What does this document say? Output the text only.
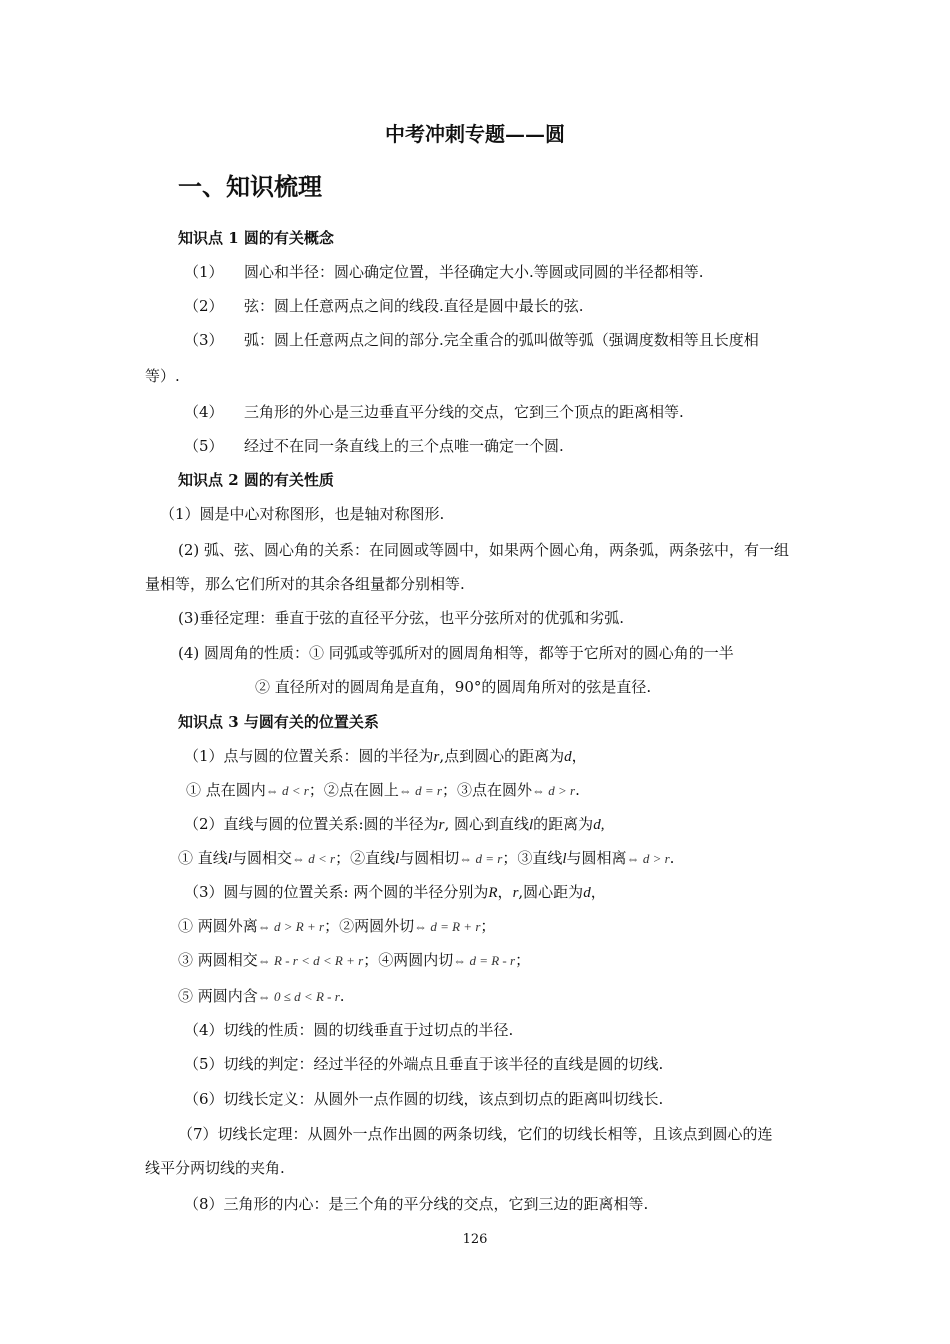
中考冲刺专题——圆
一、知识梳理
知识点 1 圆的有关概念
（1） 圆心和半径：圆心确定位置，半径确定大小.等圆或同圆的半径都相等.
（2） 弦：圆上任意两点之间的线段.直径是圆中最长的弦.
（3） 弧：圆上任意两点之间的部分.完全重合的弧叫做等弧（强调度数相等且长度相
等）.
（4） 三角形的外心是三边垂直平分线的交点，它到三个顶点的距离相等.
（5） 经过不在同一条直线上的三个点唯一确定一个圆.
知识点 2 圆的有关性质
（1）圆是中心对称图形，也是轴对称图形.
(2) 弧、弦、圆心角的关系：在同圆或等圆中，如果两个圆心角，两条弧，两条弦中，有一组
量相等，那么它们所对的其余各组量都分别相等.
(3)垂径定理：垂直于弦的直径平分弦，也平分弦所对的优弧和劣弧.
(4) 圆周角的性质：① 同弧或等弧所对的圆周角相等，都等于它所对的圆心角的一半
② 直径所对的圆周角是直角，90°的圆周角所对的弦是直径.
知识点 3 与圆有关的位置关系
（1）点与圆的位置关系：圆的半径为r,点到圆心的距离为d，
① 点在圆内⇔ d < r；②点在圆上⇔ d = r；③点在圆外⇔ d > r.
（2）直线与圆的位置关系:圆的半径为r, 圆心到直线l的距离为d,
① 直线l与圆相交⇔ d < r；②直线l与圆相切⇔ d = r；③直线l与圆相离⇔ d > r.
（3）圆与圆的位置关系: 两个圆的半径分别为R，r,圆心距为d，
① 两圆外离⇔ d > R + r；②两圆外切⇔ d = R + r；
③ 两圆相交⇔ R - r < d < R + r；④两圆内切⇔ d = R - r；
⑤ 两圆内含⇔ 0 ≤ d < R - r.
（4）切线的性质：圆的切线垂直于过切点的半径.
（5）切线的判定：经过半径的外端点且垂直于该半径的直线是圆的切线.
（6）切线长定义：从圆外一点作圆的切线，该点到切点的距离叫切线长.
（7）切线长定理：从圆外一点作出圆的两条切线，它们的切线长相等，且该点到圆心的连
线平分两切线的夹角.
（8）三角形的内心：是三个角的平分线的交点，它到三边的距离相等.
126
